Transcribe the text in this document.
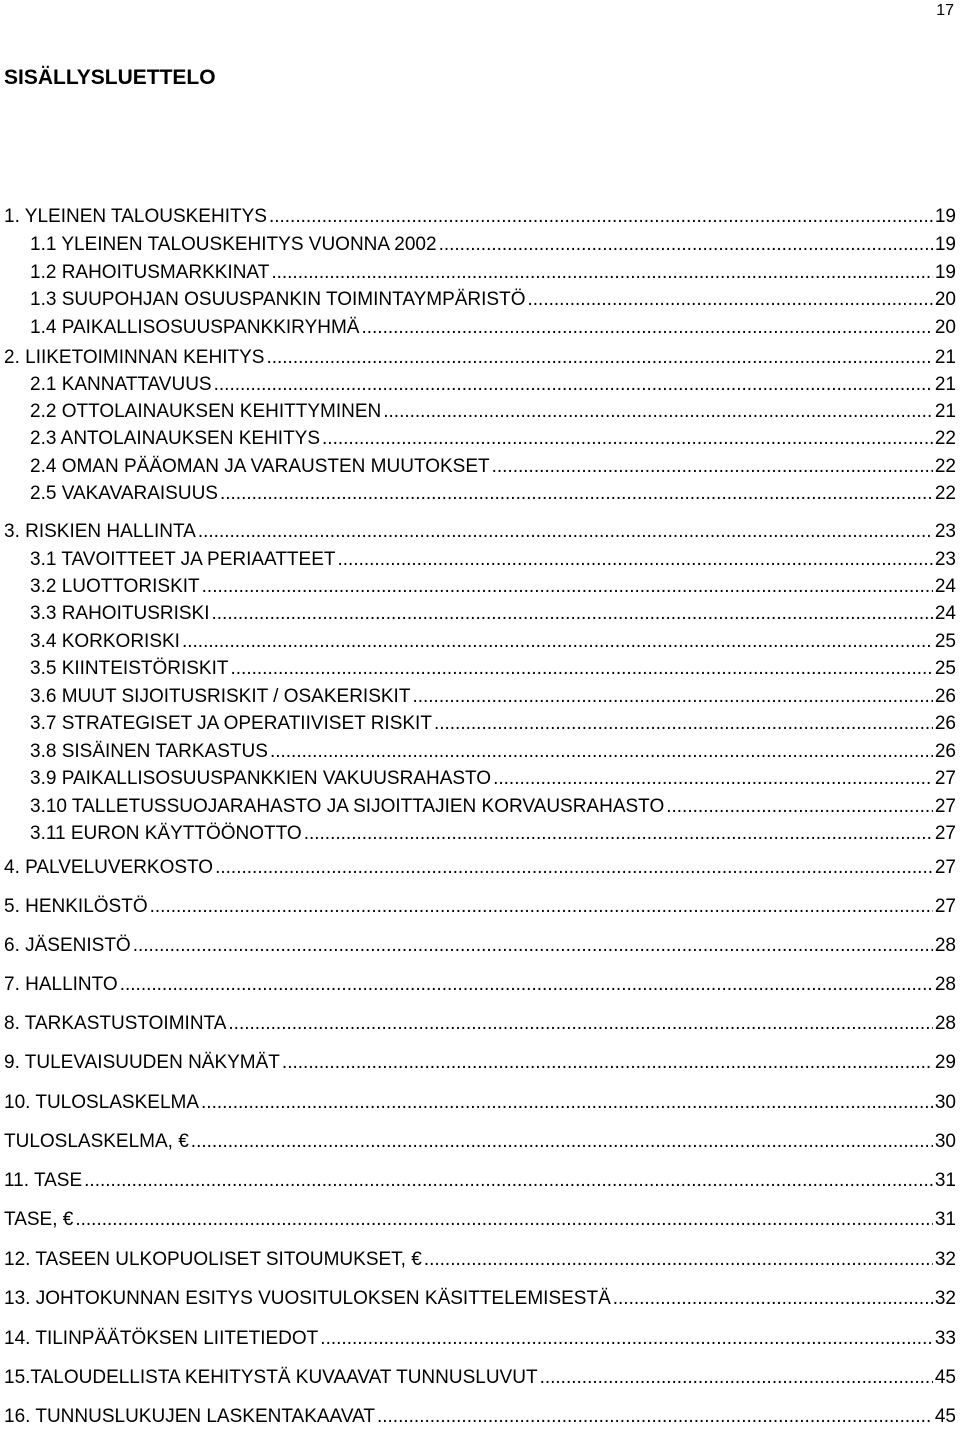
17
SISÄLLYSLUETTELO
1. YLEINEN TALOUSKEHITYS .....	19
1.1 YLEINEN TALOUSKEHITYS VUONNA 2002 .....	19
1.2 RAHOITUSMARKKINAT .....	19
1.3 SUUPOHJAN OSUUSPANKIN TOIMINTAYMPÄRISTÖ .....	20
1.4 PAIKALLISOSUUSPANKKIRYHMÄ .....	20
2. LIIKETOIMINNAN KEHITYS .....	21
2.1 KANNATTAVUUS .....	21
2.2 OTTOLAINAUKSEN KEHITTYMINEN .....	21
2.3 ANTOLAINAUKSEN KEHITYS .....	22
2.4 OMAN PÄÄOMAN JA VARAUSTEN MUUTOKSET .....	22
2.5 VAKAVARAISUUS .....	22
3. RISKIEN HALLINTA .....	23
3.1 TAVOITTEET JA PERIAATTEET .....	23
3.2 LUOTTORISKIT .....	24
3.3 RAHOITUSRISKI .....	24
3.4 KORKORISKI .....	25
3.5 KIINTEISTÖRISKIT .....	25
3.6 MUUT SIJOITUSRISKIT / OSAKERISKIT .....	26
3.7 STRATEGISET JA OPERATIIVISET RISKIT .....	26
3.8 SISÄINEN TARKASTUS .....	26
3.9 PAIKALLISOSUUSPANKKIEN VAKUUSRAHASTO .....	27
3.10 TALLETUSSUOJARAHASTO JA SIJOITTAJIEN KORVAUSRAHASTO .....	27
3.11 EURON KÄYTTÖÖNOTTO .....	27
4. PALVELUVERKOSTO .....	27
5. HENKILÖSTÖ .....	27
6. JÄSENISTÖ .....	28
7. HALLINTO .....	28
8. TARKASTUSTOIMINTA .....	28
9. TULEVAISUUDEN NÄKYMÄT .....	29
10. TULOSLASKELMA .....	30
TULOSLASKELMA, € .....	30
11. TASE .....	31
TASE, € .....	31
12. TASEEN ULKOPUOLISET SITOUMUKSET, € .....	32
13. JOHTOKUNNAN ESITYS VUOSITULOKSEN KÄSITTELEMISESTÄ .....	32
14. TILINPÄÄTÖKSEN LIITETIEDOT .....	33
15.TALOUDELLISTA KEHITYSTÄ KUVAAVAT TUNNUSLUVUT .....	45
16. TUNNUSLUKUJEN LASKENTAKAAVAT .....	45
